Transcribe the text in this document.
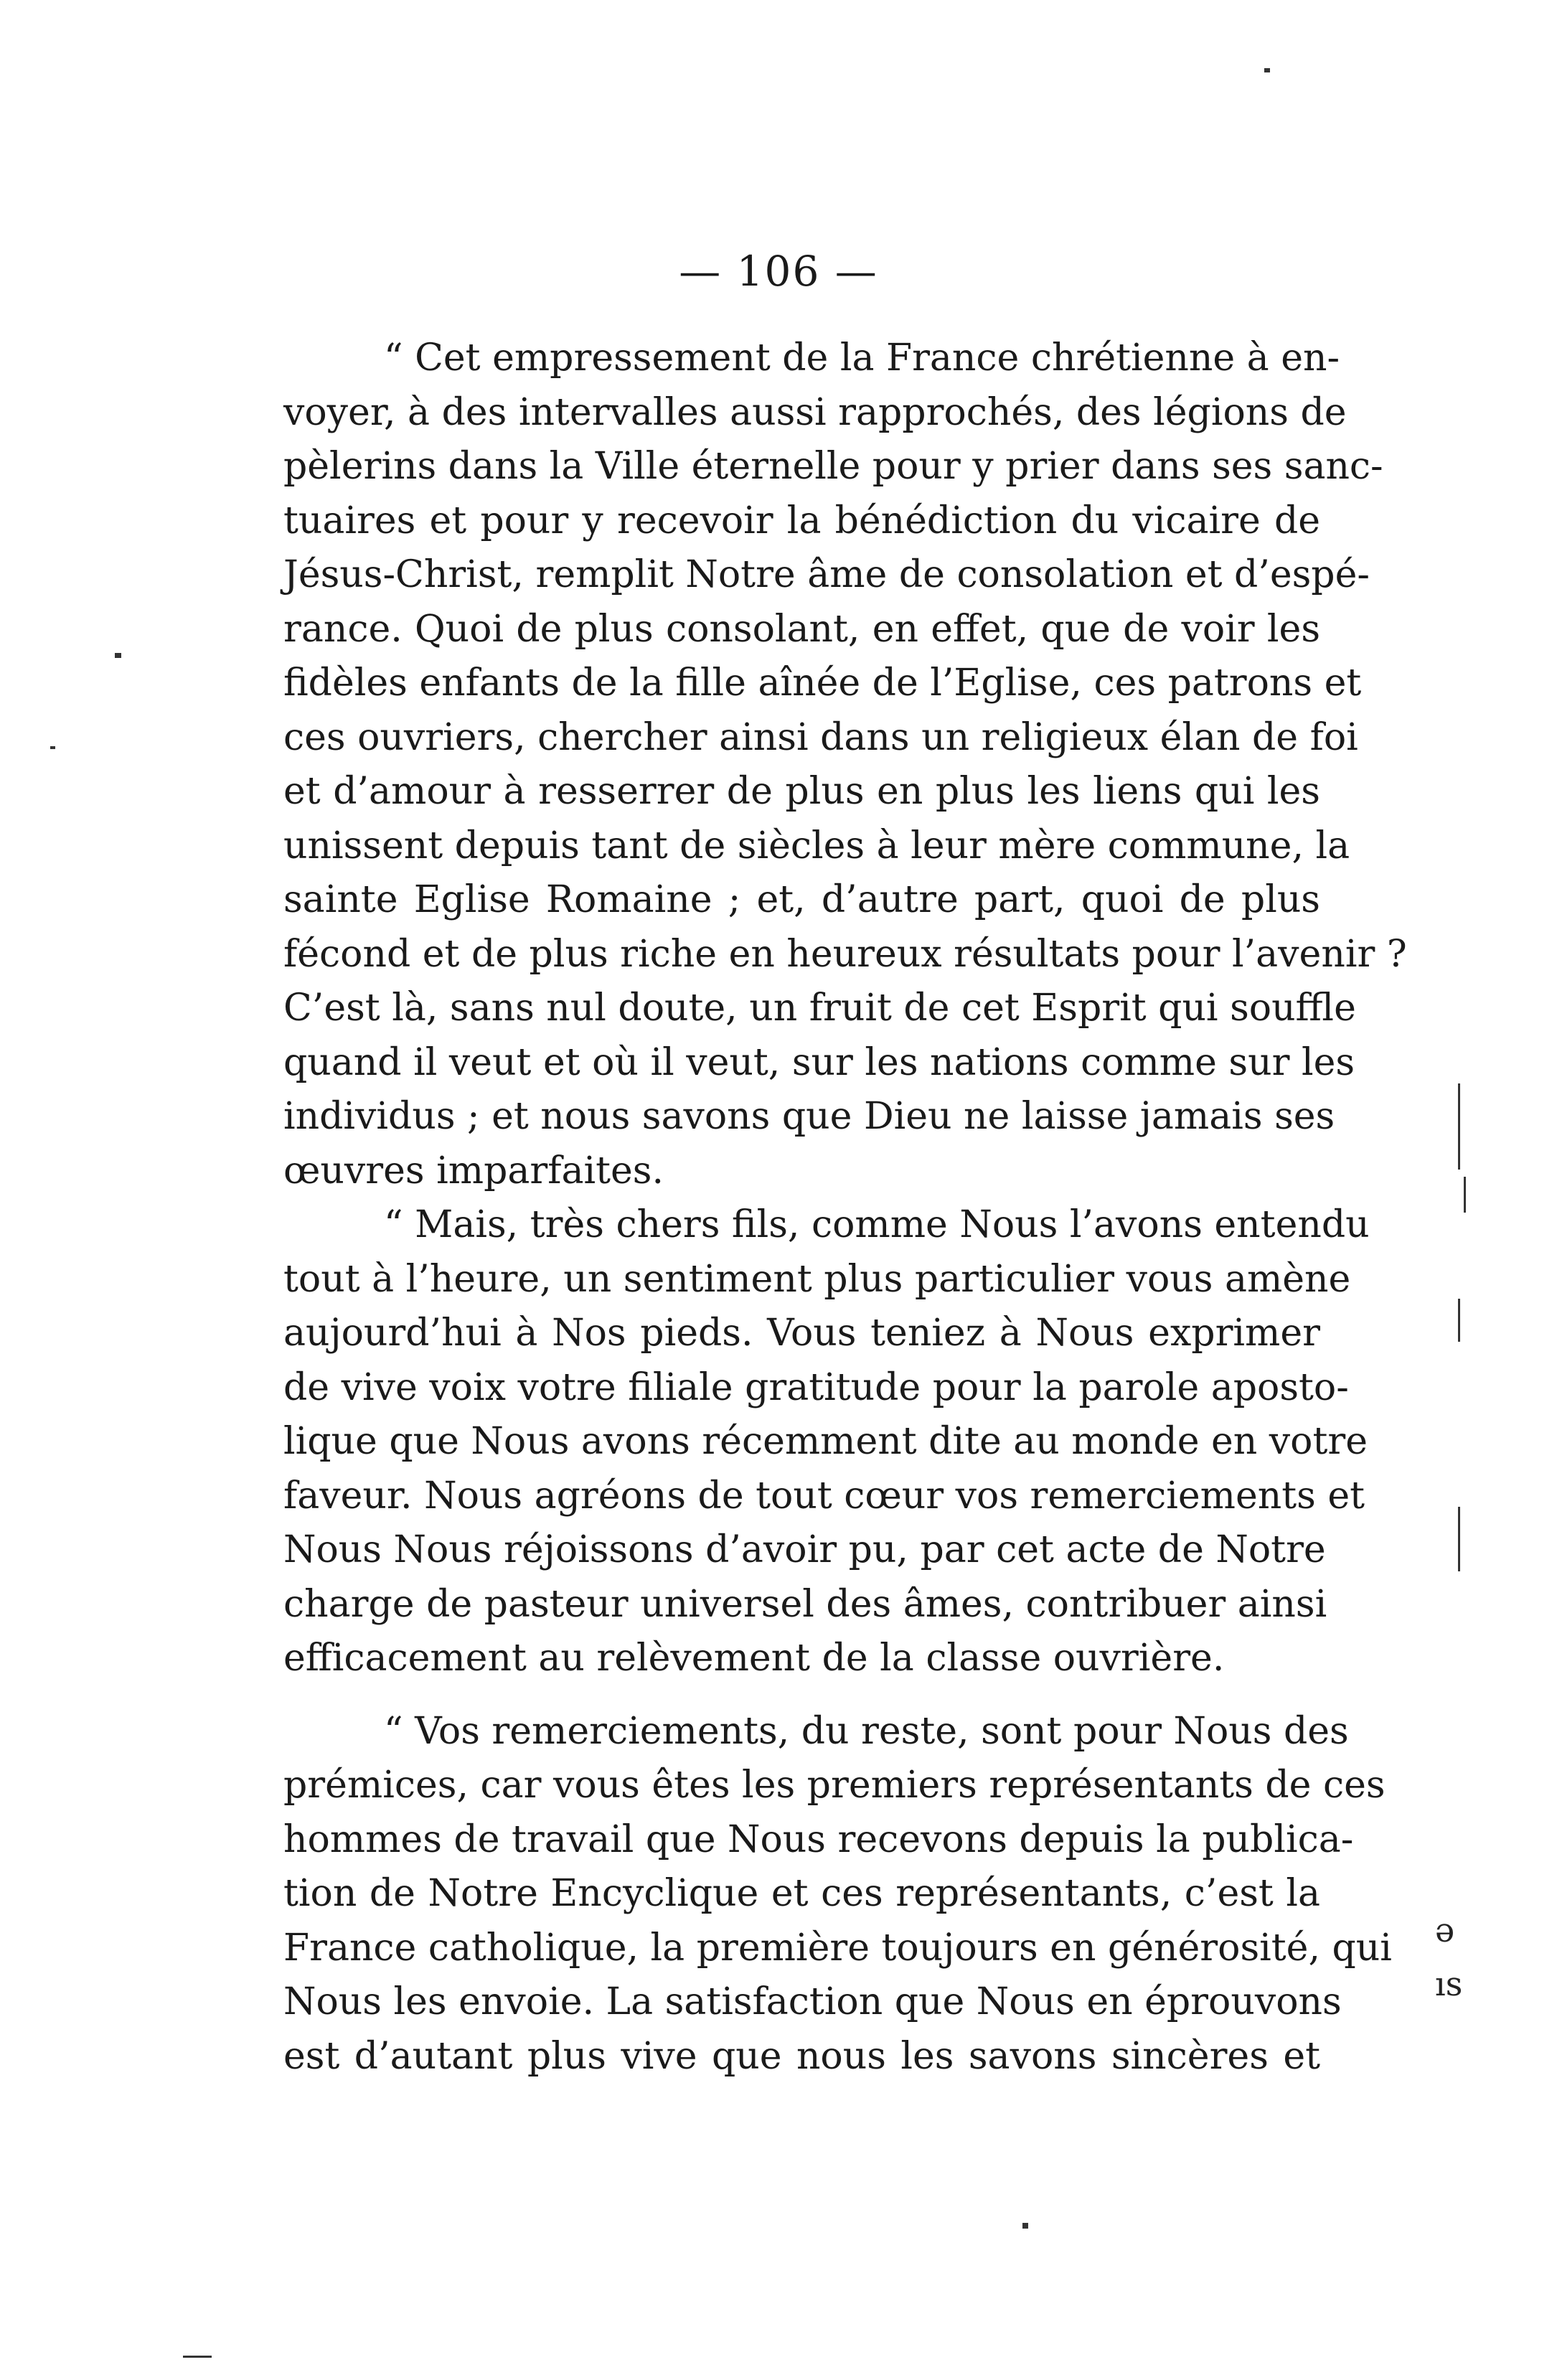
— 106 —
“ Cet empressement de la France chrétienne à en-
voyer, à des intervalles aussi rapprochés, des légions de
pèlerins dans la Ville éternelle pour y prier dans ses sanc-
tuaires et pour y recevoir la bénédiction du vicaire de
Jésus-Christ, remplit Notre âme de consolation et d’espé-
rance. Quoi de plus consolant, en effet, que de voir les
fidèles enfants de la fille aînée de l’Eglise, ces patrons et
ces ouvriers, chercher ainsi dans un religieux élan de foi
et d’amour à resserrer de plus en plus les liens qui les
unissent depuis tant de siècles à leur mère commune, la
sainte Eglise Romaine ; et, d’autre part, quoi de plus
fécond et de plus riche en heureux résultats pour l’avenir ?
C’est là, sans nul doute, un fruit de cet Esprit qui souffle
quand il veut et où il veut, sur les nations comme sur les
individus ; et nous savons que Dieu ne laisse jamais ses
œuvres imparfaites.
“ Mais, très chers fils, comme Nous l’avons entendu
tout à l’heure, un sentiment plus particulier vous amène
aujourd’hui à Nos pieds. Vous teniez à Nous exprimer
de vive voix votre filiale gratitude pour la parole aposto-
lique que Nous avons récemment dite au monde en votre
faveur. Nous agréons de tout cœur vos remerciements et
Nous Nous réjoissons d’avoir pu, par cet acte de Notre
charge de pasteur universel des âmes, contribuer ainsi
efficacement au relèvement de la classe ouvrière.
“ Vos remerciements, du reste, sont pour Nous des
prémices, car vous êtes les premiers représentants de ces
hommes de travail que Nous recevons depuis la publica-
tion de Notre Encyclique et ces représentants, c’est la
France catholique, la première toujours en générosité, qui
Nous les envoie. La satisfaction que Nous en éprouvons
est d’autant plus vive que nous les savons sincères et
ə
ıs
